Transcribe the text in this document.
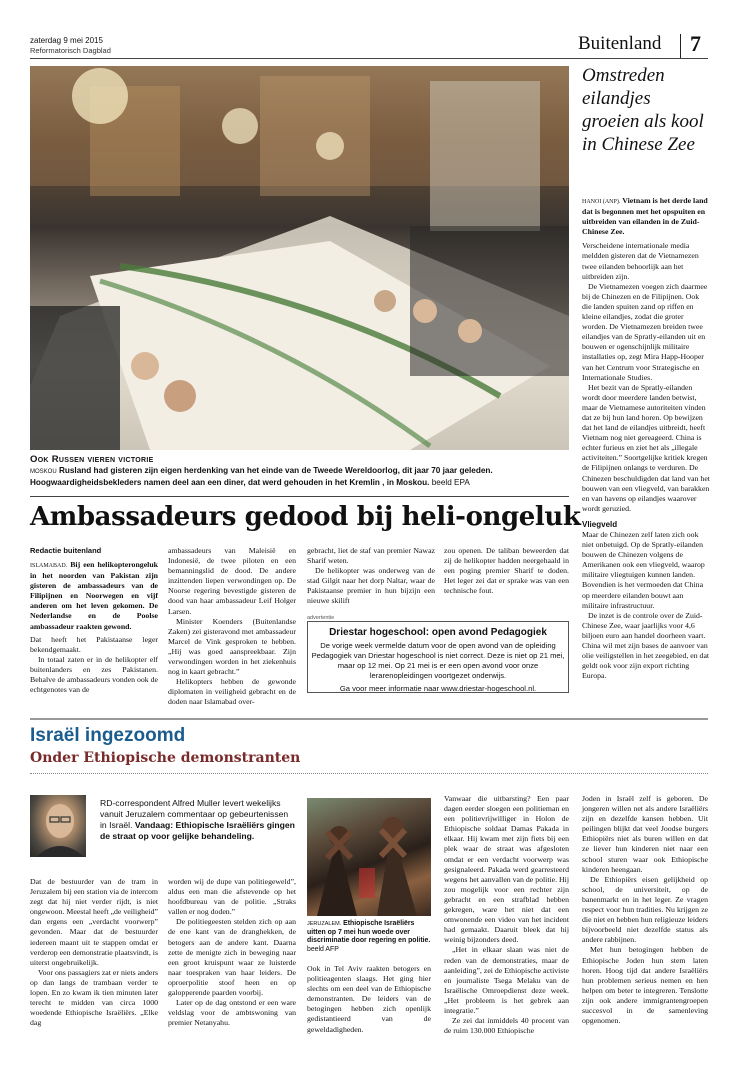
zaterdag 9 mei 2015
Reformatorisch Dagblad	Buitenland 7
Ook Russen vieren victorie
MOSKOU Rusland had gisteren zijn eigen herdenking van het einde van de Tweede Wereldoorlog, dit jaar 70 jaar geleden. Hoogwaardigheidsbekleders namen deel aan een diner, dat werd gehouden in het Kremlin , in Moskou. beeld EPA
Omstreden eilandjes groeien als kool in Chinese Zee

HANOI (ANP). Vietnam is het derde land dat is begonnen met het opspuiten en uitbreiden van eilanden in de Zuid-Chinese Zee.

Verscheidene internationale media meldden gisteren dat de Vietnamezen twee eilanden behoorlijk aan het uitbreiden zijn.

De Vietnamezen voegen zich daarmee bij de Chinezen en de Filipijnen. Ook die landen spuiten zand op riffen en kleine eilandjes, zodat die groter worden. De Vietnamezen breiden twee eilandjes van de Spratly-eilanden uit en bouwen er ogenschijnlijk militaire installaties op, zegt Mira Happ-Hooper van het Centrum voor Strategische en Internationale Studies.

Het bezit van de Spratly-eilanden wordt door meerdere landen betwist, maar de Vietnamese autoriteiten vinden dat ze bij hun land horen. Op bewijzen dat het land de eilandjes uitbreidt, heeft Vietnam nog niet gereageerd. China is echter furieus en ziet het als „illegale activiteiten.” Soortgelijke kritiek kregen de Filipijnen onlangs te verduren. De Chinezen beschuldigden dat land van het bouwen van een vliegveld, van barakken en van havens op eilandjes waarover wordt geruzied.

Vliegveld

Maar de Chinezen zelf laten zich ook niet onbetuigd. Op de Spratly-eilanden bouwen de Chinezen volgens de Amerikanen ook een vliegveld, waarop militaire vliegtuigen kunnen landen. Bovendien is het vermoeden dat China op meerdere eilanden bouwt aan militaire infrastructuur.

De inzet is de controle over de Zuid-Chinese Zee, waar jaarlijks voor 4,6 biljoen euro aan handel doorheen vaart. China wil met zijn bases de aanvoer van olie veiligstellen in het zeegebied, en dat geldt ook voor zijn export richting Europa.

Ambassadeurs gedood bij heli-ongeluk
Redactie buitenland

ISLAMABAD. Bij een helikopterongeluk in het noorden van Pakistan zijn gisteren de ambassadeurs van de Filipijnen en Noorwegen en vijf anderen om het leven gekomen. De Nederlandse en de Poolse ambassadeur raakten gewond.

Dat heeft het Pakistaanse leger bekendgemaakt.

In totaal zaten er in de helikopter elf buitenlanders en zes Pakistanen. Behalve de ambassadeurs vonden ook de echtgenotes van de

ambassadeurs van Maleisië en Indonesië, de twee piloten en een bemanningslid de dood. De andere inzittenden liepen verwondingen op. De Noorse regering bevestigde gisteren de dood van haar ambassadeur Leif Holger Larsen.

Minister Koenders (Buitenlandse Zaken) zei gisteravond met ambassadeur Marcel de Vink gesproken te hebben. „Hij was goed aanspreekbaar. Zijn verwondingen worden in het ziekenhuis nog in kaart gebracht.”

Helikopters hebben de gewonde diplomaten in veiligheid gebracht en de doden naar Islamabad over-

gebracht, liet de staf van premier Nawaz Sharif weten.

De helikopter was onderweg van de stad Gilgit naar het dorp Naltar, waar de Pakistaanse premier in hun bijzijn een nieuwe skilift

zou openen. De taliban beweerden dat zij de helikopter hadden neergehaald in een poging premier Sharif te doden. Het leger zei dat er sprake was van een technische fout.

advertentie
Driestar hogeschool: open avond Pedagogiek
De vorige week vermelde datum voor de open avond van de opleiding Pedagogiek van Driestar hogeschool is niet correct. Deze is niet op 21 mei, maar op 12 mei. Op 21 mei is er een open avond voor onze lerarenopleidingen voortgezet onderwijs.
Ga voor meer informatie naar www.driestar-hogeschool.nl.
Israël ingezoomd
Onder Ethiopische demonstranten
RD-correspondent Alfred Muller levert wekelijks vanuit Jeruzalem commentaar op gebeurtenissen in Israël. Vandaag: Ethiopische Israëliërs gingen de straat op voor gelijke behandeling.

Dat de bestuurder van de tram in Jeruzalem bij een station via de intercom zegt dat hij niet verder rijdt, is niet ongewoon. Meestal heeft „de veiligheid” dan ergens een „verdacht voorwerp” gevonden. Maar dat de bestuurder iedereen maant uit te stappen omdat er verderop een demonstratie plaatsvindt, is uiterst ongebruikelijk.

Voor ons passagiers zat er niets anders op dan langs de trambaan verder te lopen. En zo kwam ik tien minuten later terecht te midden van circa 1000 woedende Ethiopische Israëliërs. „Elke dag

worden wij de dupe van politiegeweld”, aldus een man die afstevende op het hoofdbureau van de politie. „Straks vallen er nog doden.”

De politiegeesten stelden zich op aan de ene kant van de dranghekken, de betogers aan de andere kant. Daarna zette de menigte zich in beweging naar een groot kruispunt waar ze luisterde naar toespraken van haar leiders. De oproerpolitie stoof heen en op galopperende paarden voorbij.

Later op de dag ontstond er een ware veldslag voor de ambtswoning van premier Netanyahu.

JERUZALEM. Ethiopische Israëliërs uitten op 7 mei hun woede over discriminatie door regering en politie. beeld AFP

Ook in Tel Aviv raakten betogers en politieagenten slaags. Het ging hier slechts om een deel van de Ethiopische demonstranten. De leiders van de betogingen hebben zich openlijk gedistantieerd van de geweldadigheden.

Vanwaar die uitbarsting? Een paar dagen eerder sloegen een politieman en een politievrijwilliger in Holon de Ethiopische soldaat Damas Pakada in elkaar. Hij kwam met zijn fiets bij een plek waar de straat was afgesloten omdat er een verdacht voorwerp was gesignaleerd. Pakada werd gearresteerd wegens het aanvallen van de politie. Hij zou mogelijk voor een rechter zijn gebracht en een strafblad hebben gekregen, ware het niet dat een omwonende een video van het incident had gemaakt. Daaruit bleek dat hij weinig bijzonders deed.

„Het in elkaar slaan was niet de reden van de demonstraties, maar de aanleiding”, zei de Ethiopische activiste en journaliste Tsega Melaku van de Israëlische Omroepdienst deze week. „Het probleem is het gebrek aan integratie.”

Ze zei dat inmiddels 40 procent van de ruim 130.000 Ethiopische

Joden in Israël zelf is geboren. De jongeren willen net als andere Israëliërs zijn en dezelfde kansen hebben. Uit peilingen blijkt dat veel Joodse burgers Ethiopiërs niet als buren willen en dat ze liever hun kinderen niet naar een school sturen waar ook Ethiopische kinderen heengaan.

De Ethiopiërs eisen gelijkheid op school, de universiteit, op de banenmarkt en in het leger. Ze vragen respect voor hun tradities. Nu krijgen ze die niet en hebben hun religieuze leiders bijvoorbeeld niet dezelfde status als andere rabbijnen.

Met hun betogingen hebben de Ethiopische Joden hun stem laten horen. Hoog tijd dat andere Israëliërs hun problemen serieus nemen en hen helpen om beter te integreren. Tenslotte zijn ook andere immigrantengroepen succesvol in de samenleving opgenomen.
